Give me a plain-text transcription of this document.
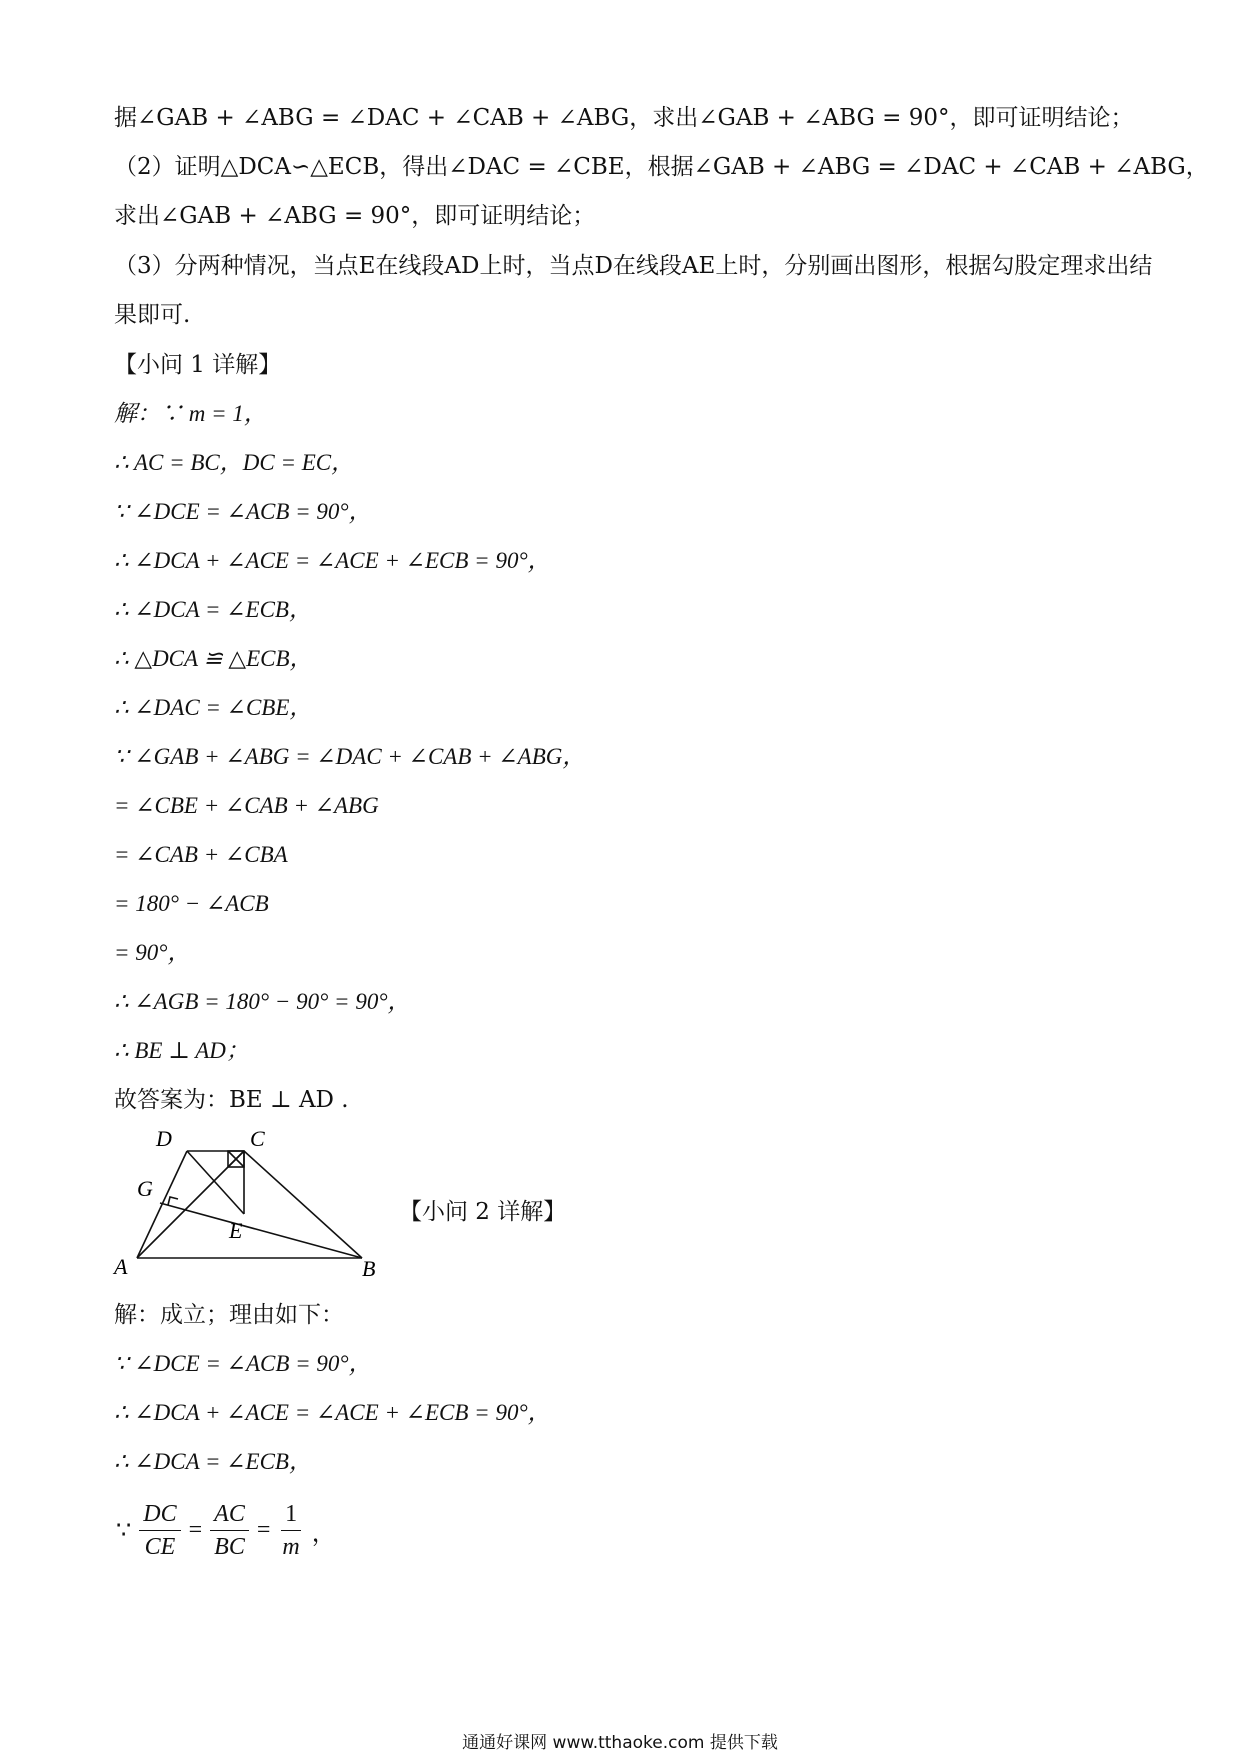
据∠GAB + ∠ABG = ∠DAC + ∠CAB + ∠ABG，求出∠GAB + ∠ABG = 90°，即可证明结论；
（2）证明△DCA∽△ECB，得出∠DAC = ∠CBE，根据∠GAB + ∠ABG = ∠DAC + ∠CAB + ∠ABG，
求出∠GAB + ∠ABG = 90°，即可证明结论；
（3）分两种情况，当点E在线段AD上时，当点D在线段AE上时，分别画出图形，根据勾股定理求出结
果即可.
【小问 1 详解】
解：∵ m = 1，
∴ AC = BC，DC = EC，
∵ ∠DCE = ∠ACB = 90°，
∴ ∠DCA + ∠ACE = ∠ACE + ∠ECB = 90°，
∴ ∠DCA = ∠ECB，
∴ △DCA ≌ △ECB，
∴ ∠DAC = ∠CBE，
∵ ∠GAB + ∠ABG = ∠DAC + ∠CAB + ∠ABG，
= ∠CBE + ∠CAB + ∠ABG
= ∠CAB + ∠CBA
= 180° − ∠ACB
= 90°，
∴ ∠AGB = 180° − 90° = 90°，
∴ BE ⊥ AD；
故答案为：BE ⊥ AD .
D	C
G
E
A	B
【小问 2 详解】
解：成立；理由如下：
∵ ∠DCE = ∠ACB = 90°，
∴ ∠DCA + ∠ACE = ∠ACE + ∠ECB = 90°，
∴ ∠DCA = ∠ECB，
∵ $\frac{DC}{CE} = \frac{AC}{BC} = \frac{1}{m}$ ，
通通好课网 www.tthaoke.com 提供下载
